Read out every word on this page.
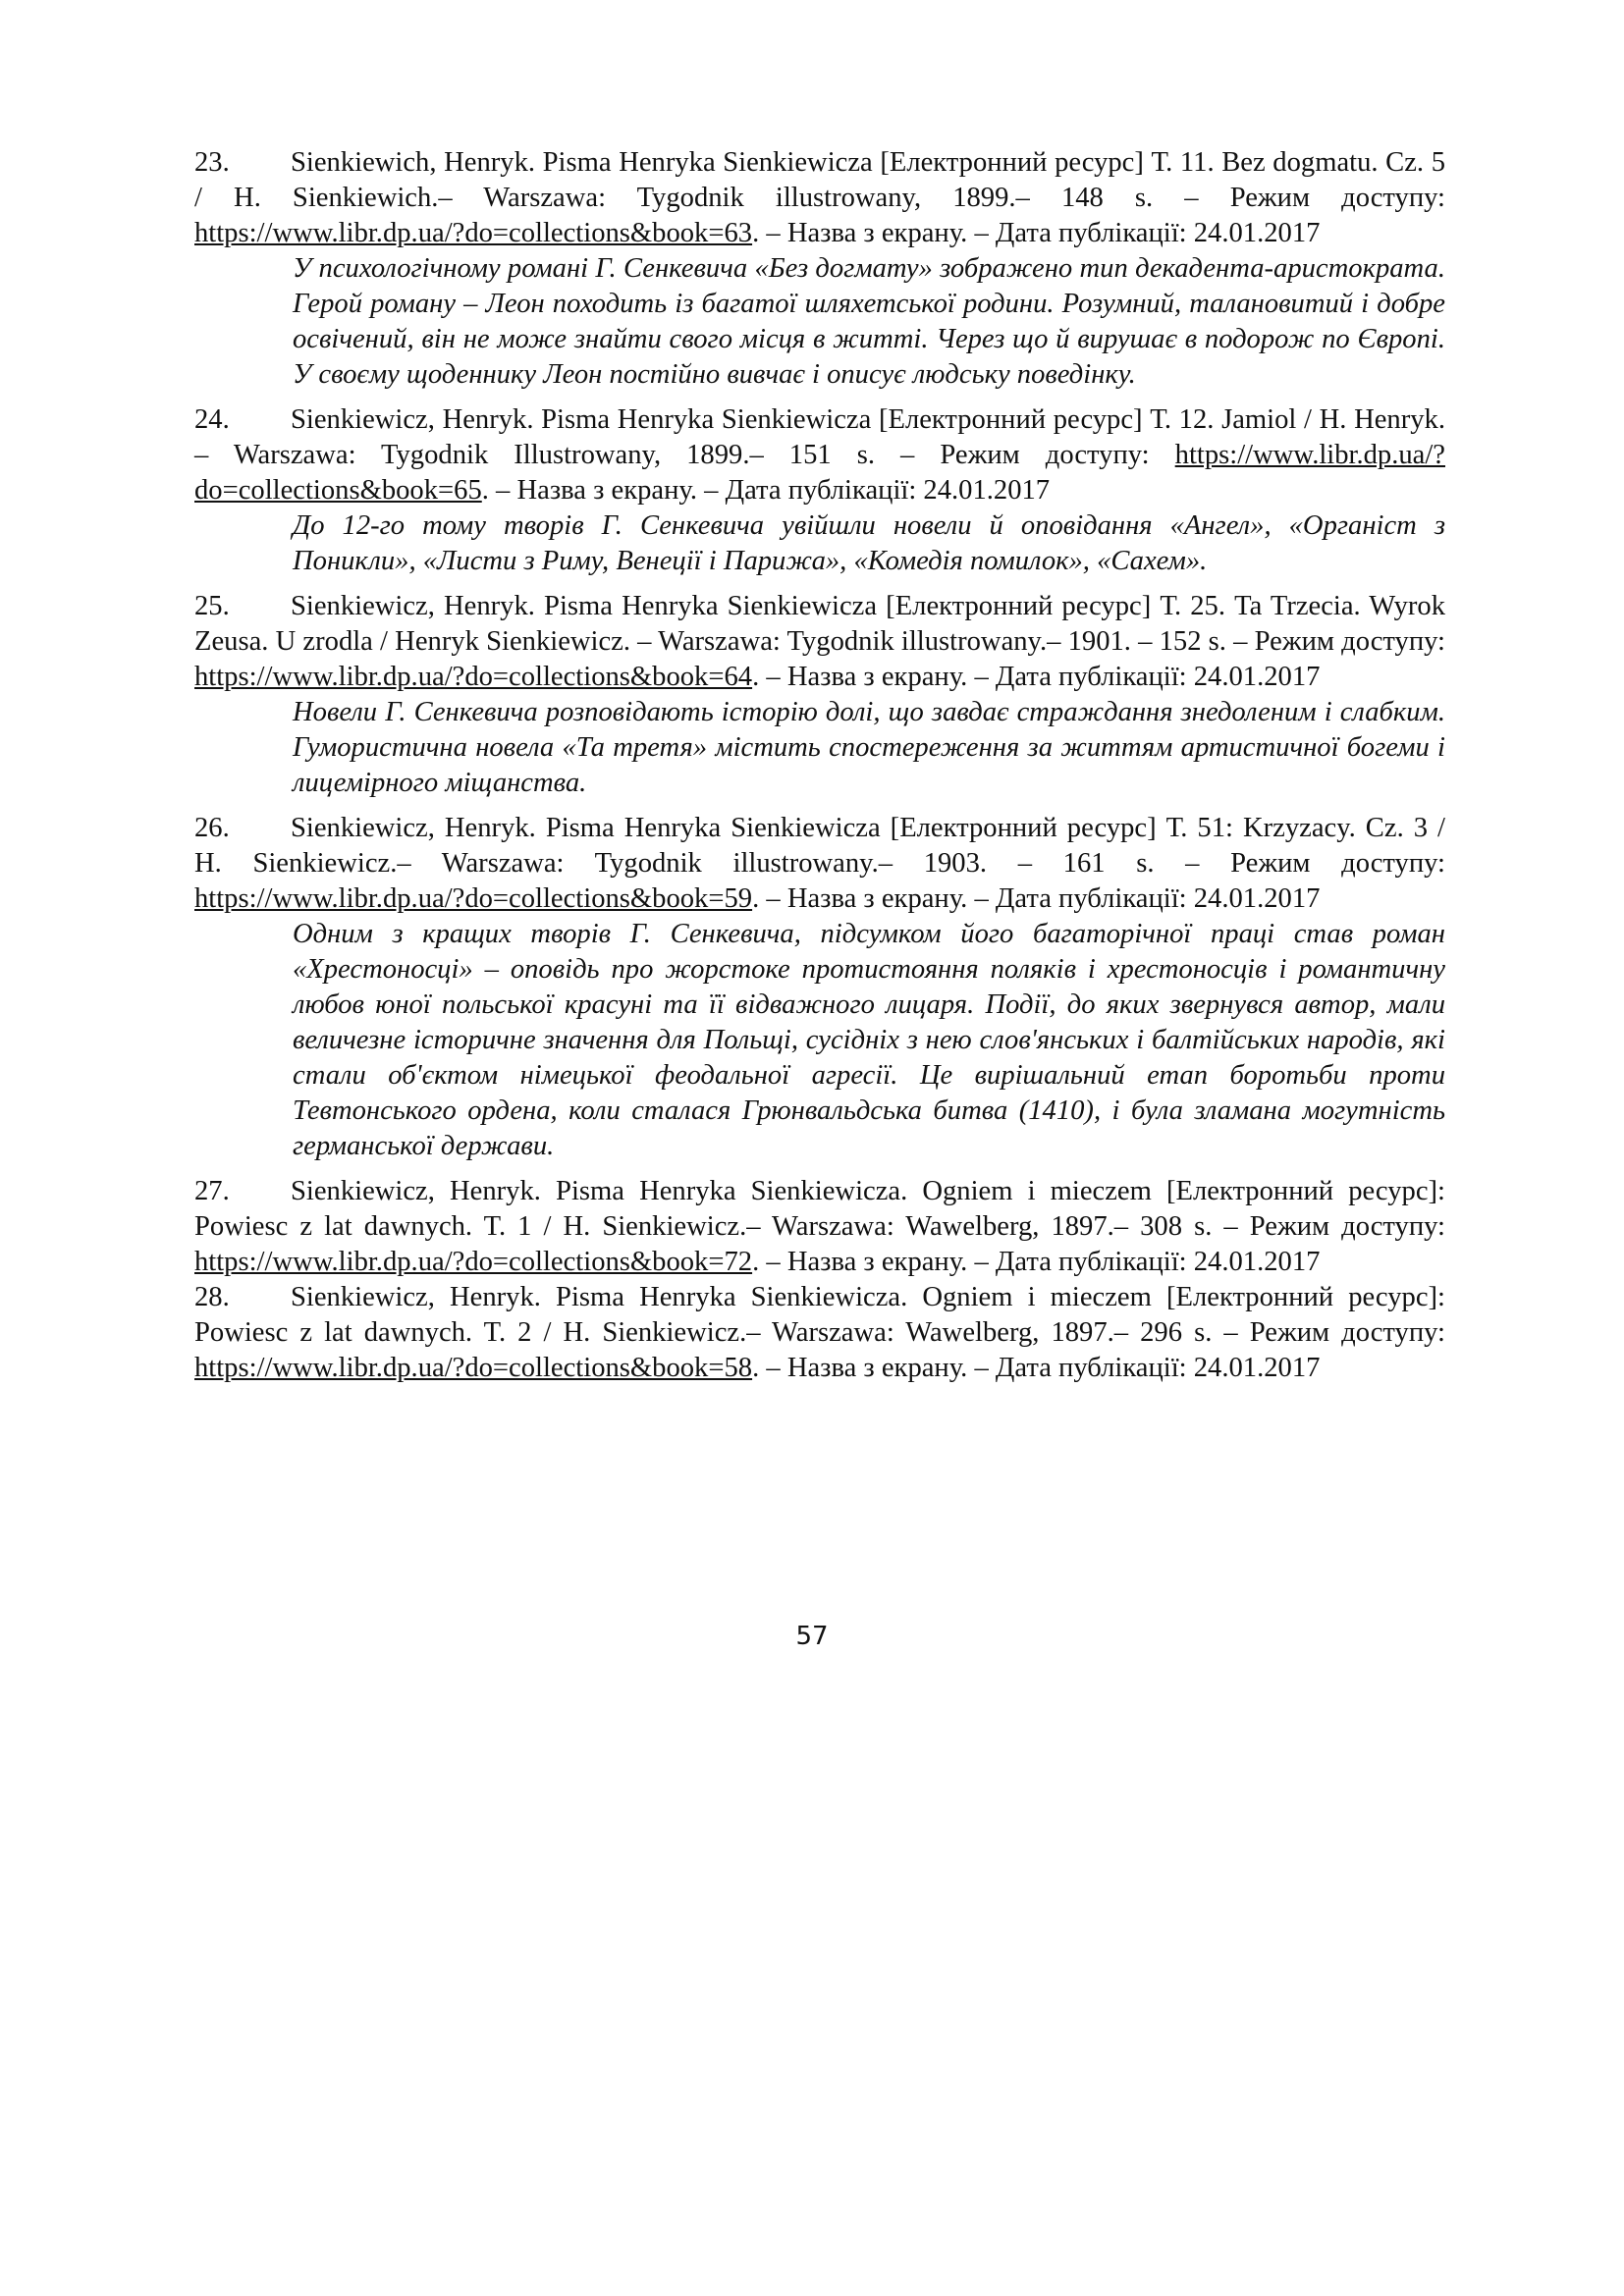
23. Sienkiewich, Henryk. Pisma Henryka Sienkiewicza [Електронний ресурс] Т. 11. Bez dogmatu. Cz. 5 / H. Sienkiewich.– Warszawa: Tygodnik illustrowany, 1899.– 148 s. – Режим доступу: https://www.libr.dp.ua/?do=collections&book=63. – Назва з екрану. – Дата публікації: 24.01.2017
У психологічному романі Г. Сенкевича «Без догмату» зображено тип декадента-аристократа. Герой роману – Леон походить із багатої шляхетської родини. Розумний, талановитий і добре освічений, він не може знайти свого місця в житті. Через що й вирушає в подорож по Європі. У своєму щоденнику Леон постійно вивчає і описує людську поведінку.
24. Sienkiewicz, Henryk. Pisma Henryka Sienkiewicza [Електронний ресурс] Т. 12. Jamiol / H. Henryk. – Warszawa: Tygodnik Illustrowany, 1899.– 151 s. – Режим доступу: https://www.libr.dp.ua/?do=collections&book=65. – Назва з екрану. – Дата публікації: 24.01.2017
До 12-го тому творів Г. Сенкевича увійшли новели й оповідання «Ангел», «Органіст з Поникли», «Листи з Риму, Венеції і Парижа», «Комедія помилок», «Сахем».
25. Sienkiewicz, Henryk. Pisma Henryka Sienkiewicza [Електронний ресурс] Т. 25. Ta Trzecia. Wyrok Zeusa. U zrodla / Henryk Sienkiewicz. – Warszawa: Tygodnik illustrowany.– 1901. – 152 s. – Режим доступу: https://www.libr.dp.ua/?do=collections&book=64. – Назва з екрану. – Дата публікації: 24.01.2017
Новели Г. Сенкевича розповідають історію долі, що завдає страждання знедоленим і слабким. Гумористична новела «Та третя» містить спостереження за життям артистичної богеми і лицемірного міщанства.
26. Sienkiewicz, Henryk. Pisma Henryka Sienkiewicza [Електронний ресурс] Т. 51: Krzyzacy. Cz. 3 / H. Sienkiewicz.– Warszawa: Tygodnik illustrowany.– 1903. – 161 s. – Режим доступу: https://www.libr.dp.ua/?do=collections&book=59. – Назва з екрану. – Дата публікації: 24.01.2017
Одним з кращих творів Г. Сенкевича, підсумком його багаторічної праці став роман «Хрестоносці» – оповідь про жорстоке протистояння поляків і хрестоносців і романтичну любов юної польської красуні та її відважного лицаря. Події, до яких звернувся автор, мали величезне історичне значення для Польщі, сусідніх з нею слов'янських і балтійських народів, які стали об'єктом німецької феодальної агресії. Це вирішальний етап боротьби проти Тевтонського ордена, коли сталася Грюнвальдська битва (1410), і була зламана могутність германської держави.
27. Sienkiewicz, Henryk. Pisma Henryka Sienkiewicza. Ogniem i mieczem [Електронний ресурс]: Powiesc z lat dawnych. T. 1 / H. Sienkiewicz.– Warszawa: Wawelberg, 1897.– 308 s. – Режим доступу: https://www.libr.dp.ua/?do=collections&book=72. – Назва з екрану. – Дата публікації: 24.01.2017
28. Sienkiewicz, Henryk. Pisma Henryka Sienkiewicza. Ogniem i mieczem [Електронний ресурс]: Powiesc z lat dawnych. T. 2 / H. Sienkiewicz.– Warszawa: Wawelberg, 1897.– 296 s. – Режим доступу: https://www.libr.dp.ua/?do=collections&book=58. – Назва з екрану. – Дата публікації: 24.01.2017
57
